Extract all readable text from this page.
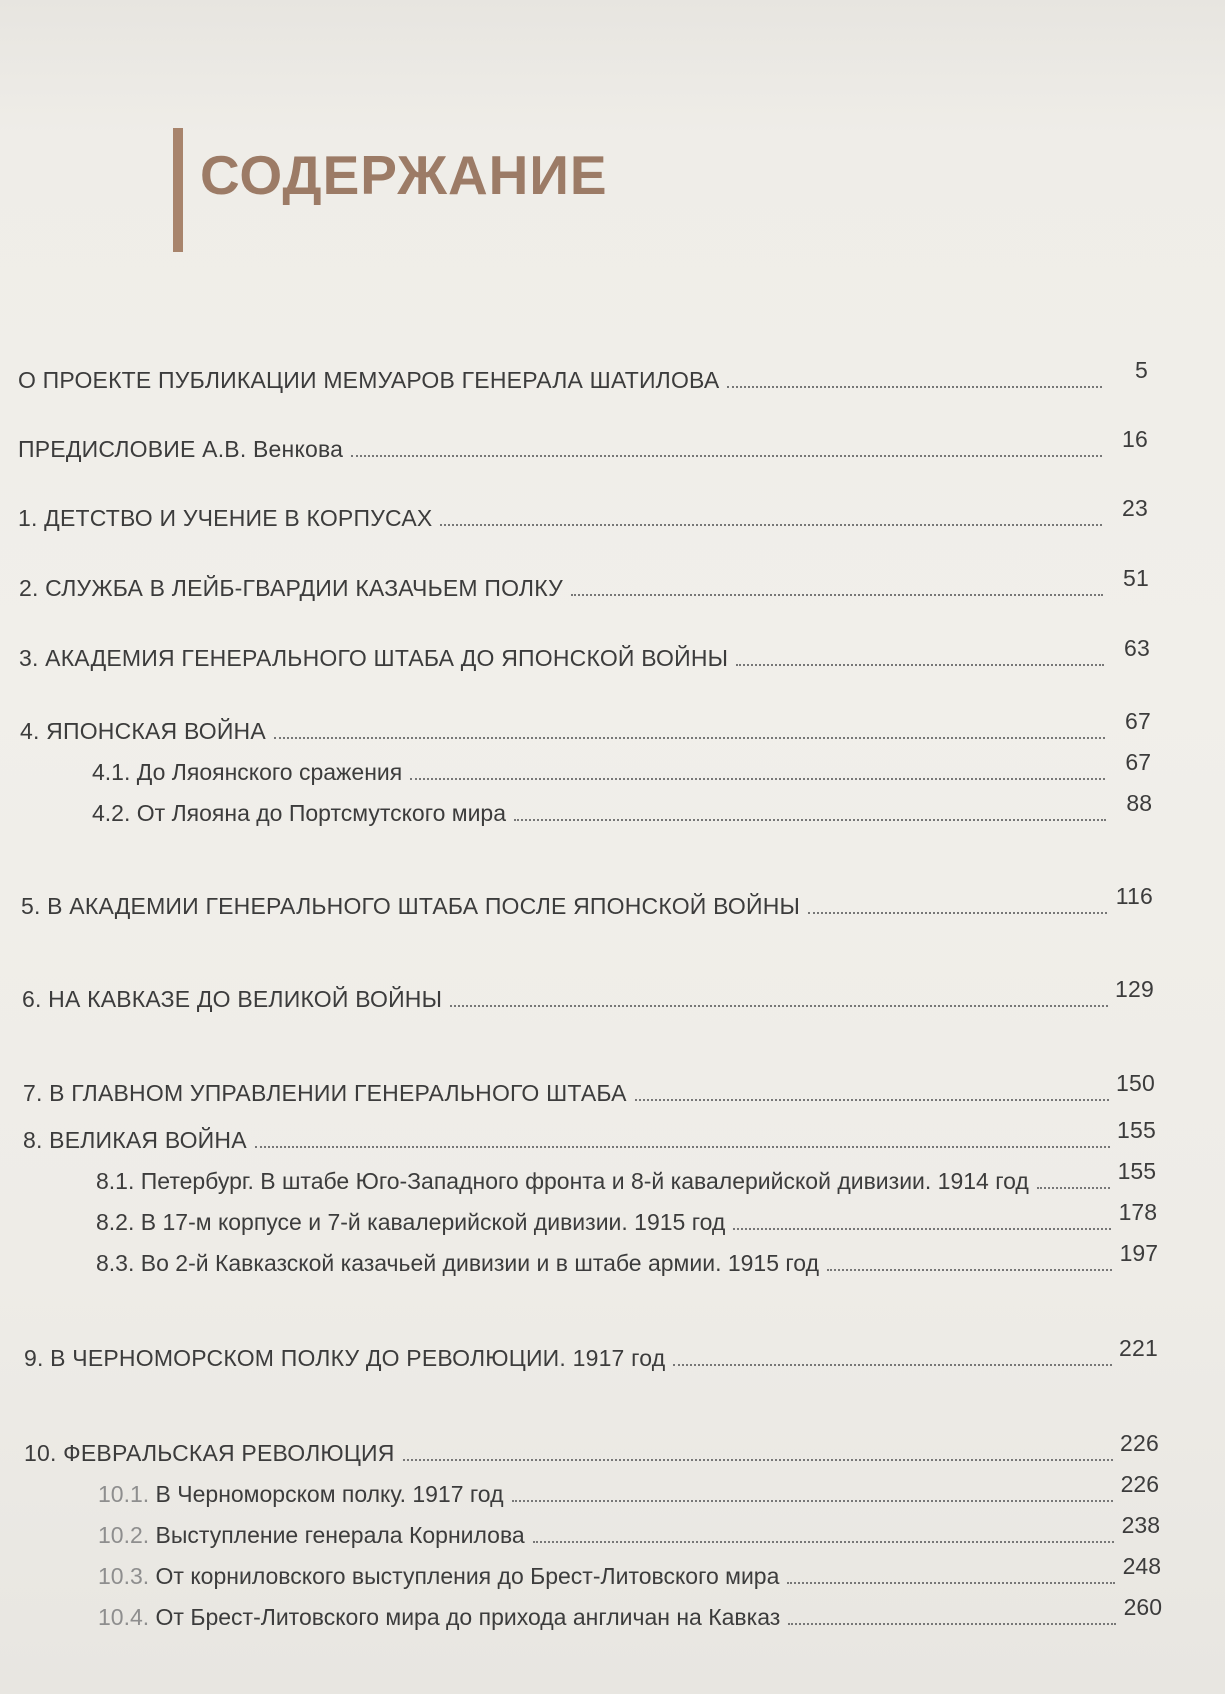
СОДЕРЖАНИЕ
О ПРОЕКТЕ ПУБЛИКАЦИИ МЕМУАРОВ ГЕНЕРАЛА ШАТИЛОВА	5
ПРЕДИСЛОВИЕ А.В. Венкова	16
1. ДЕТСТВО И УЧЕНИЕ В КОРПУСАХ	23
2. СЛУЖБА В ЛЕЙБ-ГВАРДИИ КАЗАЧЬЕМ ПОЛКУ	51
3. АКАДЕМИЯ ГЕНЕРАЛЬНОГО ШТАБА ДО ЯПОНСКОЙ ВОЙНЫ	63
4. ЯПОНСКАЯ ВОЙНА	67
4.1. До Ляоянского сражения	67
4.2. От Ляояна до Портсмутского мира	88
5. В АКАДЕМИИ ГЕНЕРАЛЬНОГО ШТАБА ПОСЛЕ ЯПОНСКОЙ ВОЙНЫ	116
6. НА КАВКАЗЕ ДО ВЕЛИКОЙ ВОЙНЫ	129
7. В ГЛАВНОМ УПРАВЛЕНИИ ГЕНЕРАЛЬНОГО ШТАБА	150
8. ВЕЛИКАЯ ВОЙНА	155
8.1. Петербург. В штабе Юго-Западного фронта и 8-й кавалерийской дивизии. 1914 год	155
8.2. В 17-м корпусе и 7-й кавалерийской дивизии. 1915 год	178
8.3. Во 2-й Кавказской казачьей дивизии и в штабе армии. 1915 год	197
9. В ЧЕРНОМОРСКОМ ПОЛКУ ДО РЕВОЛЮЦИИ. 1917 год	221
10. ФЕВРАЛЬСКАЯ РЕВОЛЮЦИЯ	226
10.1. В Черноморском полку. 1917 год	226
10.2. Выступление генерала Корнилова	238
10.3. От корниловского выступления до Брест-Литовского мира	248
10.4. От Брест-Литовского мира до прихода англичан на Кавказ	260
